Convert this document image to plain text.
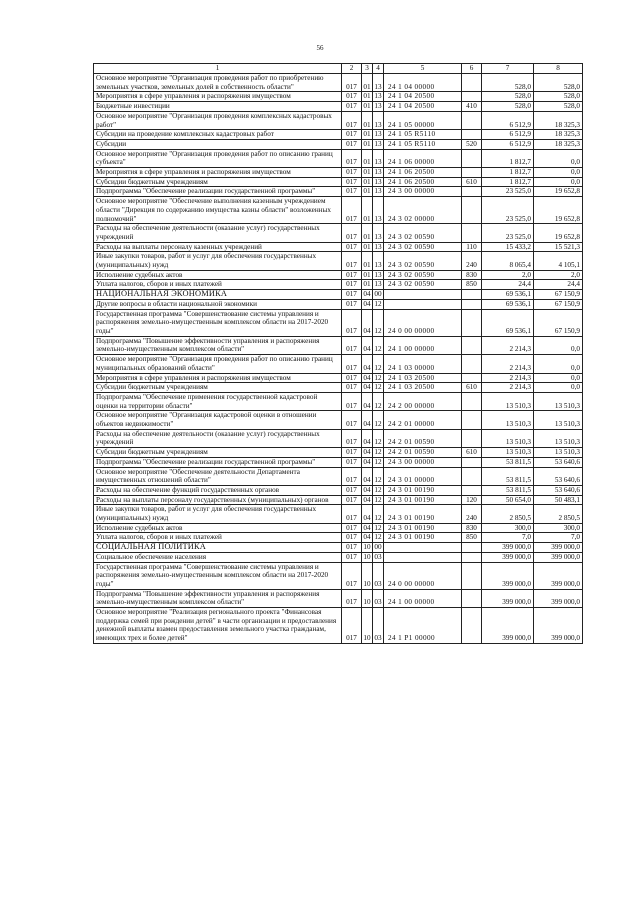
56
1	2	3	4	5	6	7	8
Основное мероприятие "Организация проведения работ по приобретению земельных участков, земельных долей в собственность области"	017	01	13	24 1 04 00000		528,0	528,0
Мероприятия в сфере управления и распоряжения имуществом	017	01	13	24 1 04 20500		528,0	528,0
Бюджетные инвестиции	017	01	13	24 1 04 20500	410	528,0	528,0
Основное мероприятие "Организация проведения комплексных кадастровых работ"	017	01	13	24 1 05 00000		6 512,9	18 325,3
Субсидии на проведение комплексных кадастровых работ	017	01	13	24 1 05 R5110		6 512,9	18 325,3
Субсидии	017	01	13	24 1 05 R5110	520	6 512,9	18 325,3
Основное мероприятие "Организация проведения работ по описанию границ субъекта"	017	01	13	24 1 06 00000		1 812,7	0,0
Мероприятия в сфере управления и распоряжения имуществом	017	01	13	24 1 06 20500		1 812,7	0,0
Субсидии бюджетным учреждениям	017	01	13	24 1 06 20500	610	1 812,7	0,0
Подпрограмма "Обеспечение реализации государственной программы"	017	01	13	24 3 00 00000		23 525,0	19 652,8
Основное мероприятие "Обеспечение выполнения казенным учреждением области "Дирекция по содержанию имущества казны области" возложенных полномочий"	017	01	13	24 3 02 00000		23 525,0	19 652,8
Расходы на обеспечение деятельности (оказание услуг) государственных учреждений	017	01	13	24 3 02 00590		23 525,0	19 652,8
Расходы на выплаты персоналу казенных учреждений	017	01	13	24 3 02 00590	110	15 433,2	15 521,3
Иные закупки товаров, работ и услуг для обеспечения государственных (муниципальных) нужд	017	01	13	24 3 02 00590	240	8 065,4	4 105,1
Исполнение судебных актов	017	01	13	24 3 02 00590	830	2,0	2,0
Уплата налогов, сборов и иных платежей	017	01	13	24 3 02 00590	850	24,4	24,4
НАЦИОНАЛЬНАЯ ЭКОНОМИКА	017	04	00			69 536,1	67 150,9
Другие вопросы в области национальной экономики	017	04	12			69 536,1	67 150,9
Государственная программа "Совершенствование системы управления и распоряжения земельно-имущественным комплексом области на 2017-2020 годы"	017	04	12	24 0 00 00000		69 536,1	67 150,9
Подпрограмма "Повышение эффективности управления и распоряжения земельно-имущественным комплексом области"	017	04	12	24 1 00 00000		2 214,3	0,0
Основное мероприятие "Организация проведения работ по описанию границ муниципальных образований области"	017	04	12	24 1 03 00000		2 214,3	0,0
Мероприятия в сфере управления и распоряжения имуществом	017	04	12	24 1 03 20500		2 214,3	0,0
Субсидии бюджетным учреждениям	017	04	12	24 1 03 20500	610	2 214,3	0,0
Подпрограмма "Обеспечение применения государственной кадастровой оценки на территории области"	017	04	12	24 2 00 00000		13 510,3	13 510,3
Основное мероприятие "Организация кадастровой оценки в отношении объектов недвижимости"	017	04	12	24 2 01 00000		13 510,3	13 510,3
Расходы на обеспечение деятельности (оказание услуг) государственных учреждений	017	04	12	24 2 01 00590		13 510,3	13 510,3
Субсидии бюджетным учреждениям	017	04	12	24 2 01 00590	610	13 510,3	13 510,3
Подпрограмма "Обеспечение реализации государственной программы"	017	04	12	24 3 00 00000		53 811,5	53 640,6
Основное мероприятие "Обеспечение деятельности Департамента имущественных отношений области"	017	04	12	24 3 01 00000		53 811,5	53 640,6
Расходы на обеспечение функций государственных органов	017	04	12	24 3 01 00190		53 811,5	53 640,6
Расходы на выплаты персоналу государственных (муниципальных) органов	017	04	12	24 3 01 00190	120	50 654,0	50 483,1
Иные закупки товаров, работ и услуг для обеспечения государственных (муниципальных) нужд	017	04	12	24 3 01 00190	240	2 850,5	2 850,5
Исполнение судебных актов	017	04	12	24 3 01 00190	830	300,0	300,0
Уплата налогов, сборов и иных платежей	017	04	12	24 3 01 00190	850	7,0	7,0
СОЦИАЛЬНАЯ ПОЛИТИКА	017	10	00			399 000,0	399 000,0
Социальное обеспечение населения	017	10	03			399 000,0	399 000,0
Государственная программа "Совершенствование системы управления и распоряжения земельно-имущественным комплексом области на 2017-2020 годы"	017	10	03	24 0 00 00000		399 000,0	399 000,0
Подпрограмма "Повышение эффективности управления и распоряжения земельно-имущественным комплексом области"	017	10	03	24 1 00 00000		399 000,0	399 000,0
Основное мероприятие "Реализация регионального проекта "Финансовая поддержка семей при рождении детей" в части организации и предоставления денежной выплаты взамен предоставления земельного участка гражданам, имеющих трех и более детей"	017	10	03	24 1 P1 00000		399 000,0	399 000,0
